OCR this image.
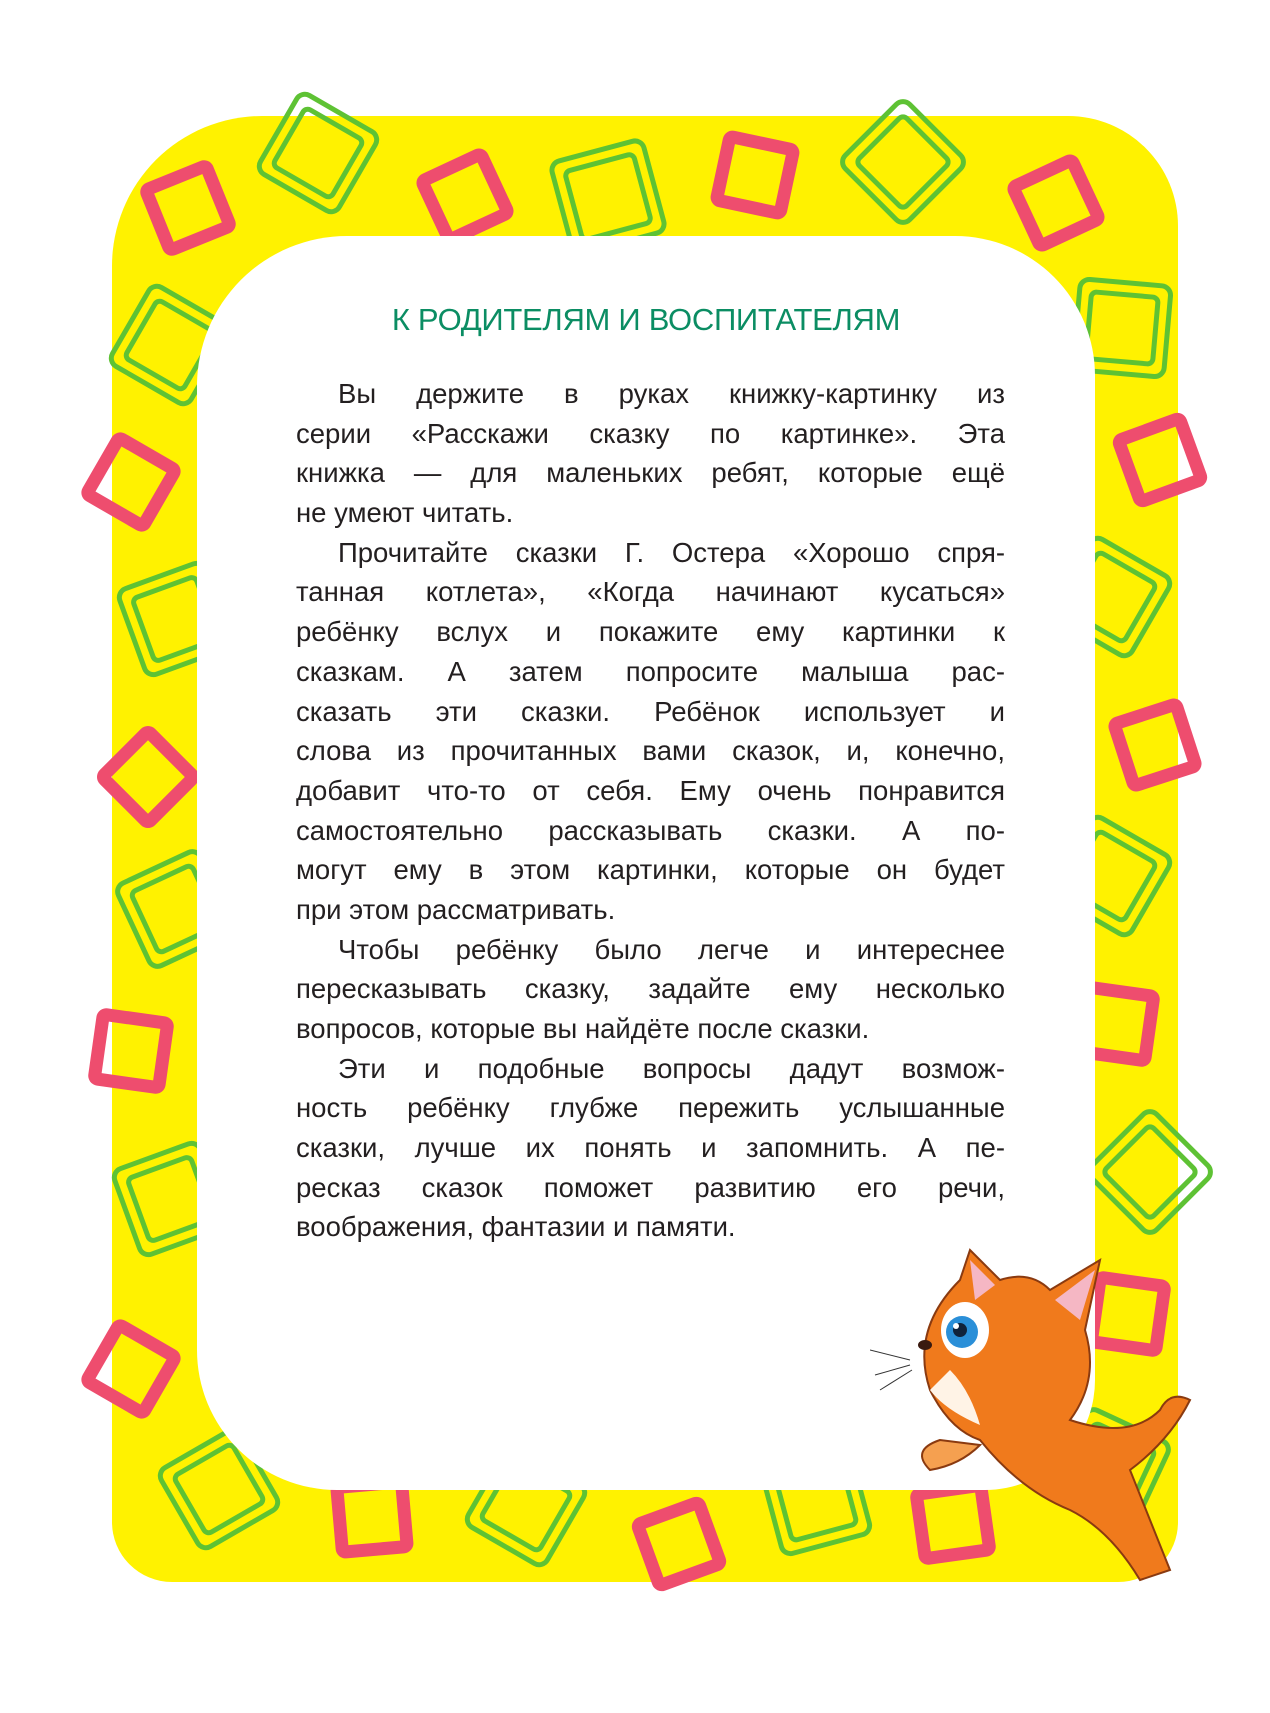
К РОДИТЕЛЯМ И ВОСПИТАТЕЛЯМ
Вы держите в руках книжку-картинку из
серии «Расскажи сказку по картинке». Эта
книжка — для маленьких ребят, которые ещё
не умеют читать.
Прочитайте сказки Г. Остера «Хорошо спря-
танная котлета», «Когда начинают кусаться»
ребёнку вслух и покажите ему картинки к
сказкам. А затем попросите малыша рас-
сказать эти сказки. Ребёнок использует и
слова из прочитанных вами сказок, и, конечно,
добавит что-то от себя. Ему очень понравится
самостоятельно рассказывать сказки. А по-
могут ему в этом картинки, которые он будет
при этом рассматривать.
Чтобы ребёнку было легче и интереснее
пересказывать сказку, задайте ему несколько
вопросов, которые вы найдёте после сказки.
Эти и подобные вопросы дадут возмож-
ность ребёнку глубже пережить услышанные
сказки, лучше их понять и запомнить. А пе-
ресказ сказок поможет развитию его речи,
воображения, фантазии и памяти.
